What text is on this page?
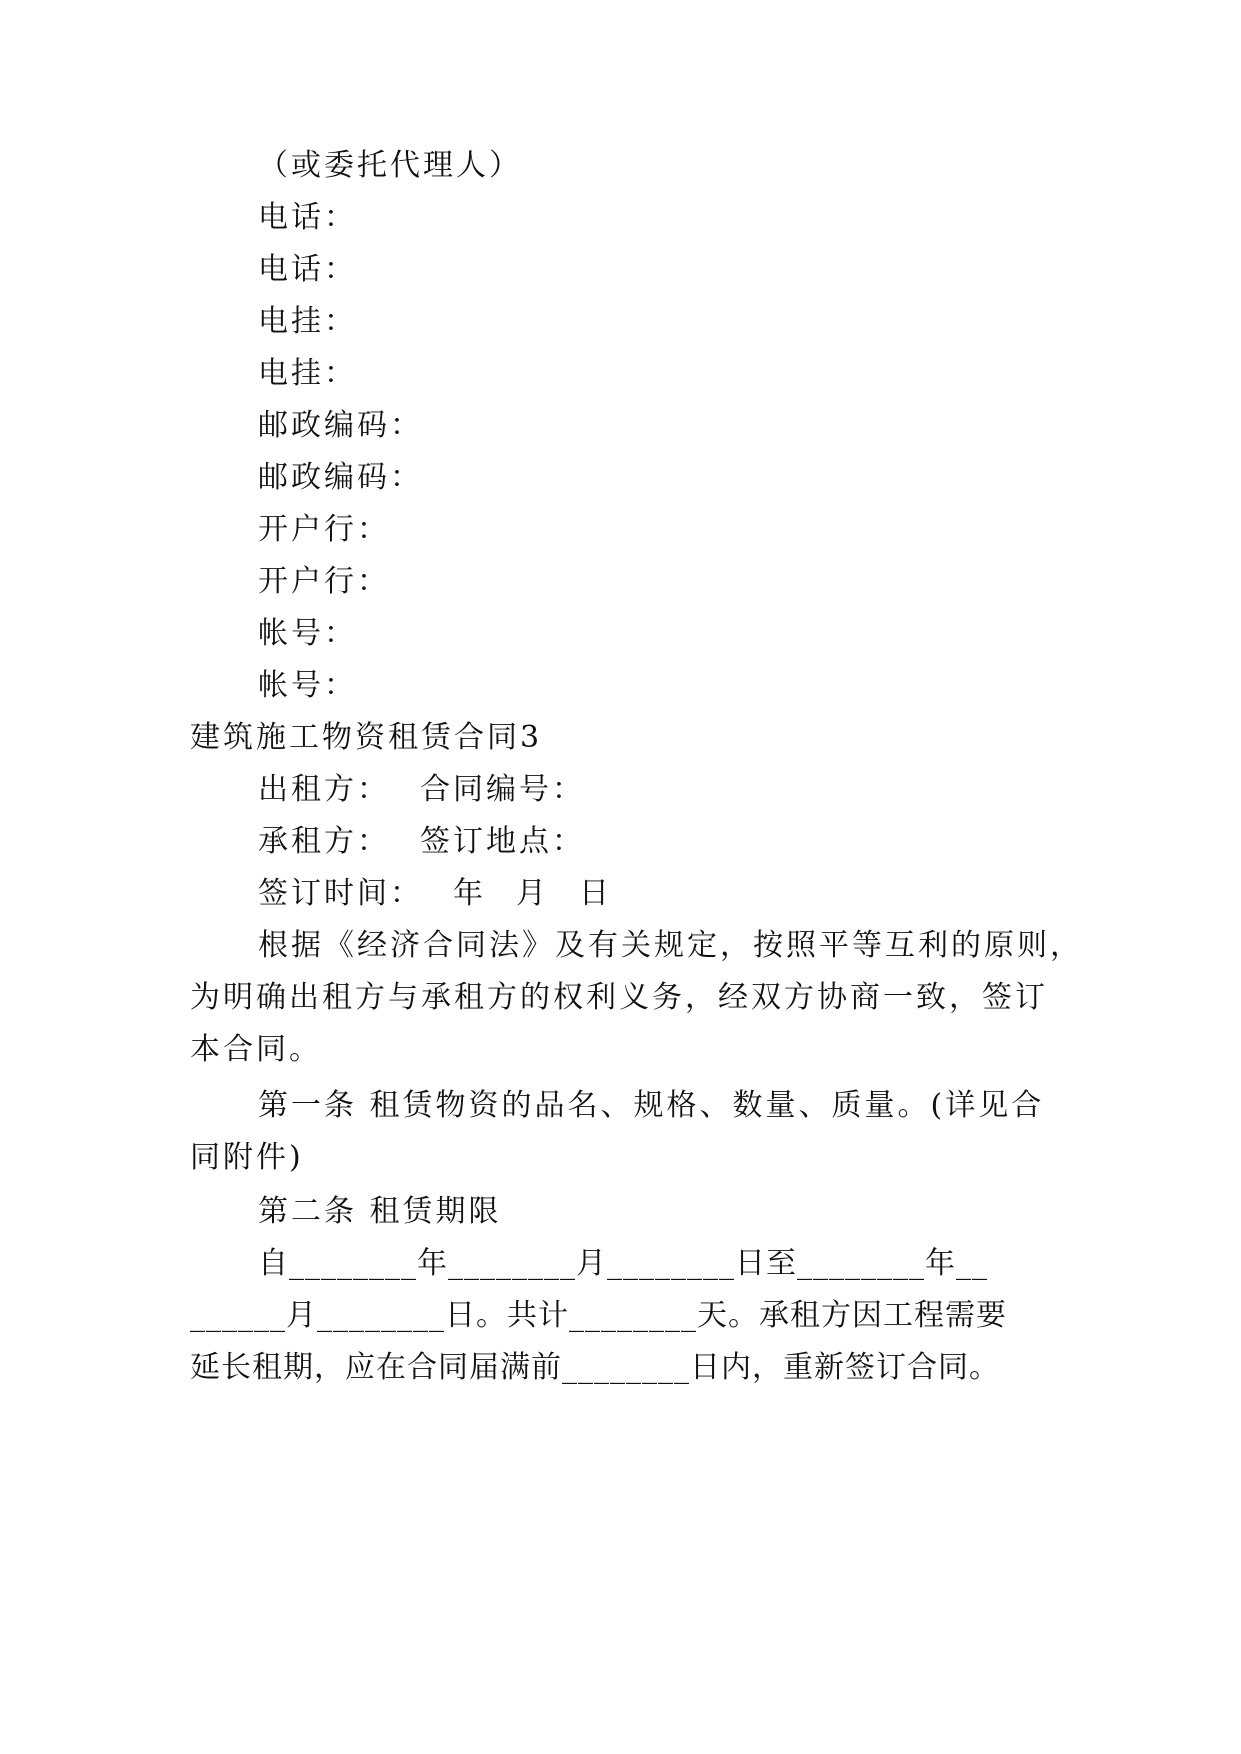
（或委托代理人）
电话：
电话：
电挂：
电挂：
邮政编码：
邮政编码：
开户行：
开户行：
帐号：
帐号：
建筑施工物资租赁合同3
出租方： 合同编号：
承租方： 签订地点：
签订时间： 年 月 日
根据《经济合同法》及有关规定，按照平等互利的原则，
为明确出租方与承租方的权利义务，经双方协商一致，签订
本合同。
第一条 租赁物资的品名、规格、数量、质量。(详见合
同附件)
第二条 租赁期限
自________年________月________日至________年__
______月________日。共计________天。承租方因工程需要
延长租期，应在合同届满前________日内，重新签订合同。
